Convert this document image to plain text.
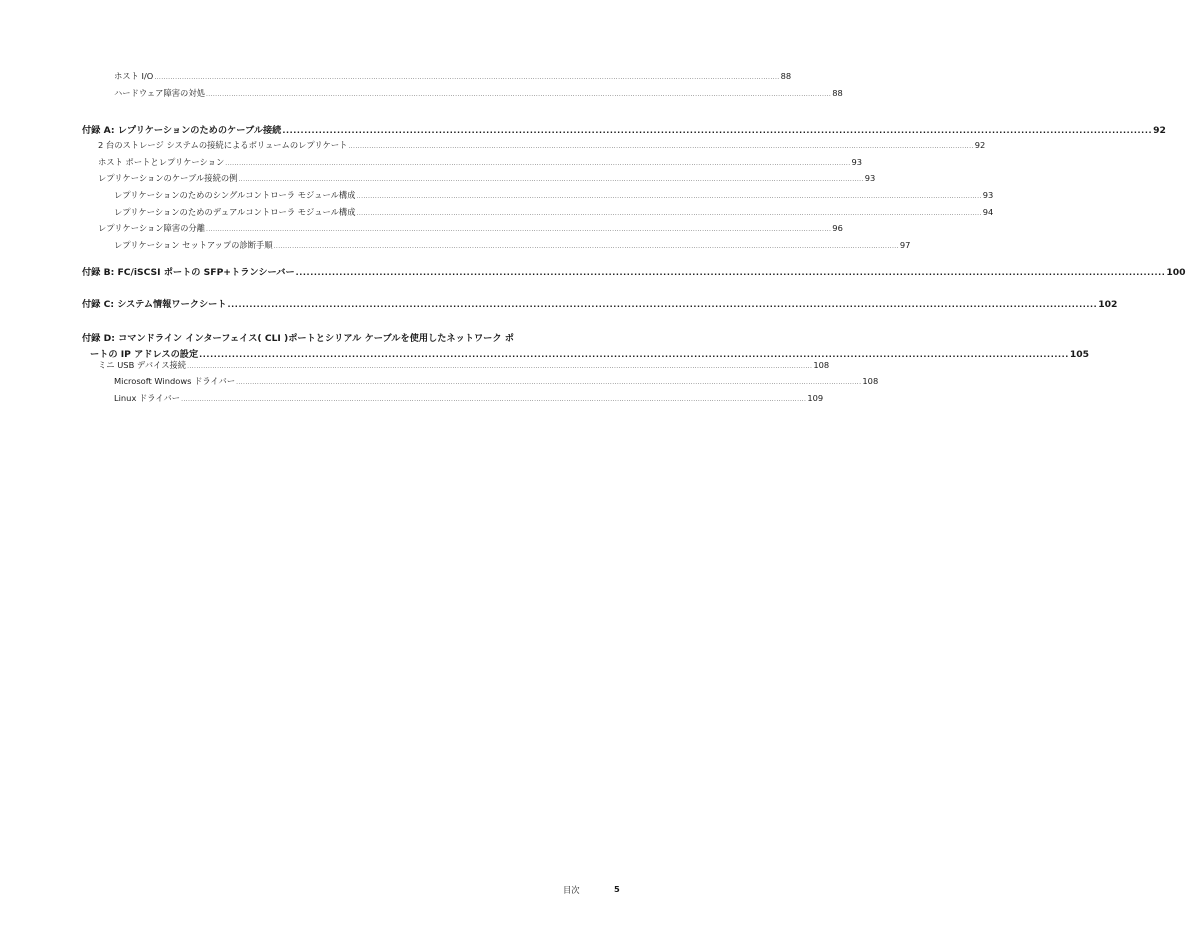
ホスト I/O ............................................................................................................................................................................................................................................................................... 88
ハードウェア障害の対処 ............................................................................................................................................................................................................................................................................... 88
付録 A: レプリケーションのためのケーブル接続 ............................................................................................................................................................................................................................................... 92
2 台のストレージ システムの接続によるボリュームのレプリケート ............................................................................................................................................................................................................................................................................... 92
ホスト ポートとレプリケーション ............................................................................................................................................................................................................................................................................... 93
レプリケーションのケーブル接続の例 ............................................................................................................................................................................................................................................................................... 93
レプリケーションのためのシングルコントローラ モジュール構成 ............................................................................................................................................................................................................................................................................... 93
レプリケーションのためのデュアルコントローラ モジュール構成 ............................................................................................................................................................................................................................................................................... 94
レプリケーション障害の分離 ............................................................................................................................................................................................................................................................................... 96
レプリケーション セットアップの診断手順 ............................................................................................................................................................................................................................................................................... 97
付録 B: FC/iSCSI ポートの SFP+トランシーバー ............................................................................................................................................................................................................................................... 100
付録 C: システム情報ワークシート ............................................................................................................................................................................................................................................... 102
付録 D: コマンドライン インターフェイス( CLI )ポートとシリアル ケーブルを使用したネットワーク ポ
ートの IP アドレスの設定 ............................................................................................................................................................................................................................................... 105
ミニ USB デバイス接続 ............................................................................................................................................................................................................................................................................... 108
Microsoft Windows ドライバー ............................................................................................................................................................................................................................................................................... 108
Linux ドライバー ............................................................................................................................................................................................................................................................................... 109
目次	5
